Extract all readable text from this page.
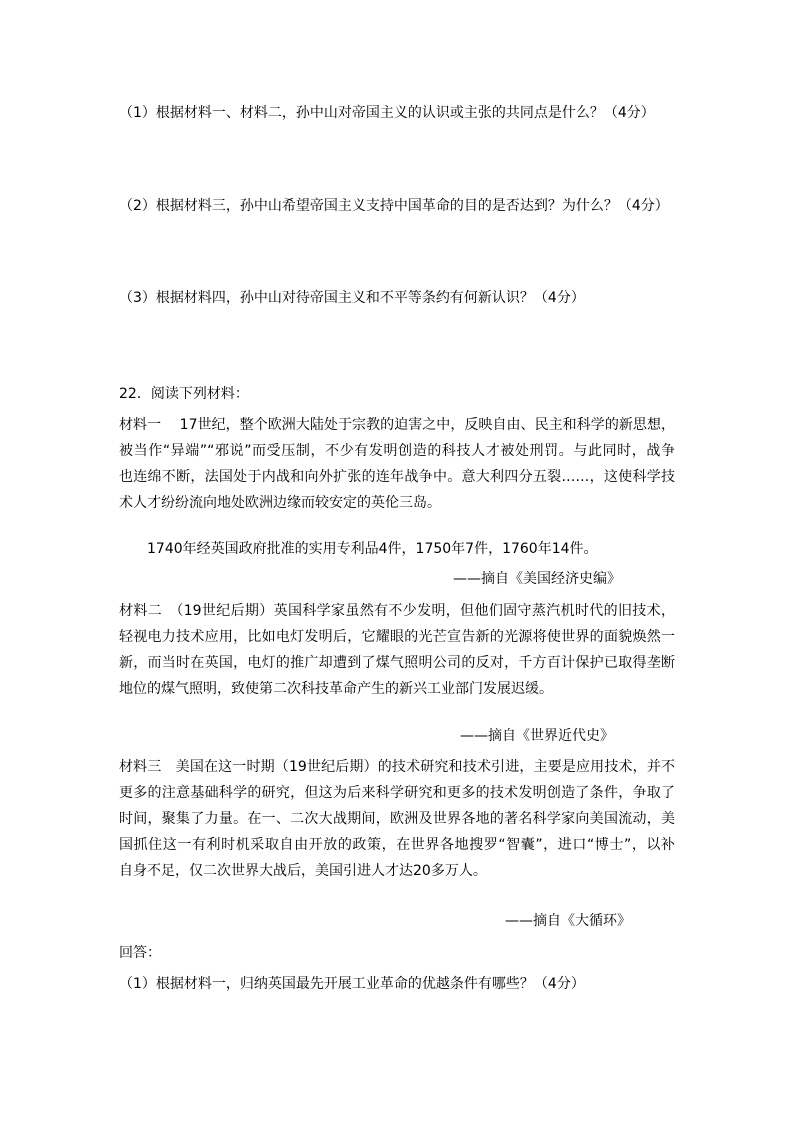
（1）根据材料一、材料二，孙中山对帝国主义的认识或主张的共同点是什么？（4分）
（2）根据材料三，孙中山希望帝国主义支持中国革命的目的是否达到？为什么？（4分）
（3）根据材料四，孙中山对待帝国主义和不平等条约有何新认识？（4分）
22．阅读下列材料：
材料一　 17世纪，整个欧洲大陆处于宗教的迫害之中，反映自由、民主和科学的新思想，
被当作“异端”“邪说”而受压制，不少有发明创造的科技人才被处刑罚。与此同时，战争
也连绵不断，法国处于内战和向外扩张的连年战争中。意大利四分五裂……，这使科学技
术人才纷纷流向地处欧洲边缘而较安定的英伦三岛。
1740年经英国政府批准的实用专利品4件，1750年7件，1760年14件。
——摘自《美国经济史编》
材料二　（19世纪后期）英国科学家虽然有不少发明，但他们固守蒸汽机时代的旧技术，
轻视电力技术应用，比如电灯发明后，它耀眼的光芒宣告新的光源将使世界的面貌焕然一
新，而当时在英国，电灯的推广却遭到了煤气照明公司的反对，千方百计保护已取得垄断
地位的煤气照明，致使第二次科技革命产生的新兴工业部门发展迟缓。
——摘自《世界近代史》
材料三　美国在这一时期（19世纪后期）的技术研究和技术引进，主要是应用技术，并不
更多的注意基础科学的研究，但这为后来科学研究和更多的技术发明创造了条件，争取了
时间，聚集了力量。在一、二次大战期间，欧洲及世界各地的著名科学家向美国流动，美
国抓住这一有利时机采取自由开放的政策，在世界各地搜罗“智囊”，进口“博士”，以补
自身不足，仅二次世界大战后，美国引进人才达20多万人。
——摘自《大循环》
回答：
（1）根据材料一，归纳英国最先开展工业革命的优越条件有哪些？（4分）
